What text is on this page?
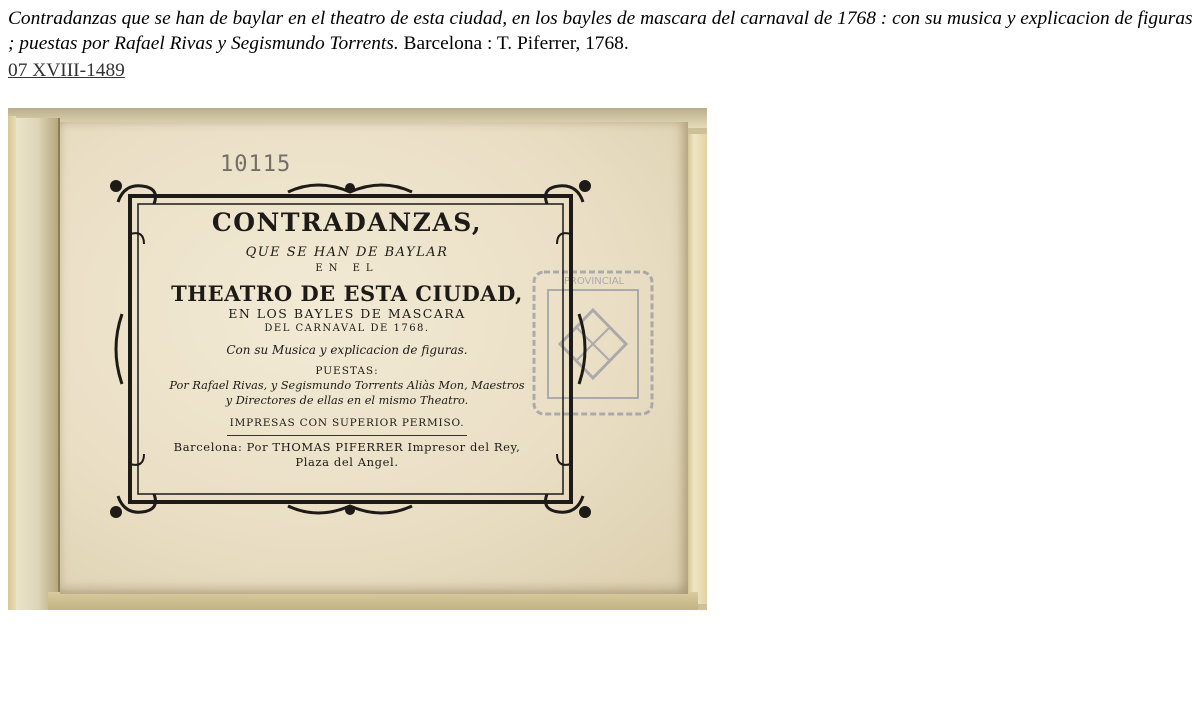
Contradanzas que se han de baylar en el theatro de esta ciudad, en los bayles de mascara del carnaval de 1768 : con su musica y explicacion de figuras ; puestas por Rafael Rivas y Segismundo Torrents. Barcelona : T. Piferrer, 1768.
07 XVIII-1489
10115
PROVINCIAL
CONTRADANZAS,
QUE SE HAN DE BAYLAR
EN EL
THEATRO DE ESTA CIUDAD,
EN LOS BAYLES DE MASCARA
DEL CARNAVAL DE 1768.
Con su Musica y explicacion de figuras.
PUESTAS:
Por Rafael Rivas, y Segismundo Torrents Aliàs Mon, Maestros
y Directores de ellas en el mismo Theatro.
IMPRESAS CON SUPERIOR PERMISO.
Barcelona: Por THOMAS PIFERRER Impresor del Rey,
Plaza del Angel.
